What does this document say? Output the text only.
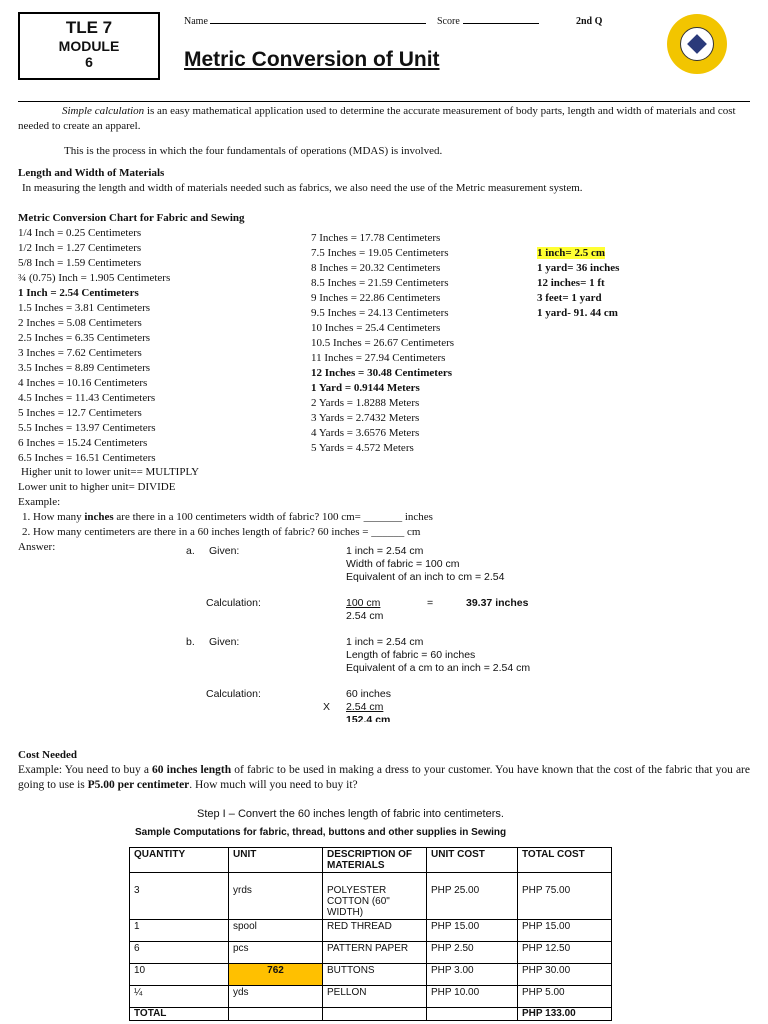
TLE 7
MODULE
6
Name	Score	2nd Q
Metric Conversion of Unit
Simple calculation is an easy mathematical application used to determine the accurate measurement of body parts, length and width of materials and cost needed to create an apparel.
This is the process in which the four fundamentals of operations (MDAS) is involved.
Length and Width of Materials
In measuring the length and width of materials needed such as fabrics, we also need the use of the Metric measurement system.
Metric Conversion Chart for Fabric and Sewing
1/4 Inch = 0.25 Centimeters
1/2 Inch = 1.27 Centimeters
5/8 Inch = 1.59 Centimeters
¾ (0.75) Inch = 1.905 Centimeters
1 Inch = 2.54 Centimeters
1.5 Inches = 3.81 Centimeters
2 Inches = 5.08 Centimeters
2.5 Inches = 6.35 Centimeters
3 Inches = 7.62 Centimeters
3.5 Inches = 8.89 Centimeters
4 Inches = 10.16 Centimeters
4.5 Inches = 11.43 Centimeters
5 Inches = 12.7 Centimeters
5.5 Inches = 13.97 Centimeters
6 Inches = 15.24 Centimeters
6.5 Inches = 16.51 Centimeters
7 Inches = 17.78 Centimeters
7.5 Inches = 19.05 Centimeters
8 Inches = 20.32 Centimeters
8.5 Inches = 21.59 Centimeters
9 Inches = 22.86 Centimeters
9.5 Inches = 24.13 Centimeters
10 Inches = 25.4 Centimeters
10.5 Inches = 26.67 Centimeters
11 Inches = 27.94 Centimeters
12 Inches = 30.48 Centimeters
1 Yard = 0.9144 Meters
2 Yards = 1.8288 Meters
3 Yards = 2.7432 Meters
4 Yards = 3.6576 Meters
5 Yards = 4.572 Meters
1 inch= 2.5 cm
1 yard= 36 inches
12 inches= 1 ft
3 feet= 1 yard
1 yard- 91. 44 cm
Higher unit to lower unit== MULTIPLY
Lower unit to higher unit= DIVIDE
Example:
1. How many inches are there in a 100 centimeters width of fabric? 100 cm= _______ inches
2. How many centimeters are there in a 60 inches length of fabric? 60 inches = ______ cm
Answer:	a. Given:	1 inch = 2.54 cm
Width of fabric = 100 cm
Equivalent of an inch to cm = 2.54
Calculation:	100 cm
2.54 cm
=	39.37 inches
b. Given:	1 inch = 2.54 cm
Length of fabric = 60 inches
Equivalent of a cm to an inch = 2.54 cm
Calculation:	60 inches
X 2.54 cm
152.4 cm
Cost Needed
Example: You need to buy a 60 inches length of fabric to be used in making a dress to your customer. You have known that the cost of the fabric that you are going to use is P5.00 per centimeter. How much will you need to buy it?
Step I – Convert the 60 inches length of fabric into centimeters.
Sample Computations for fabric, thread, buttons and other supplies in Sewing
QUANTITY	UNIT	DESCRIPTION OF MATERIALS	UNIT COST	TOTAL COST
3	yrds	POLYESTER COTTON (60" WIDTH)	PHP 25.00	PHP 75.00
1	spool	RED THREAD	PHP 15.00	PHP 15.00
6	pcs	PATTERN PAPER	PHP 2.50	PHP 12.50
10	762	BUTTONS	PHP 3.00	PHP 30.00
¼	yds	PELLON	PHP 10.00	PHP 5.00
TOTAL				PHP 133.00
